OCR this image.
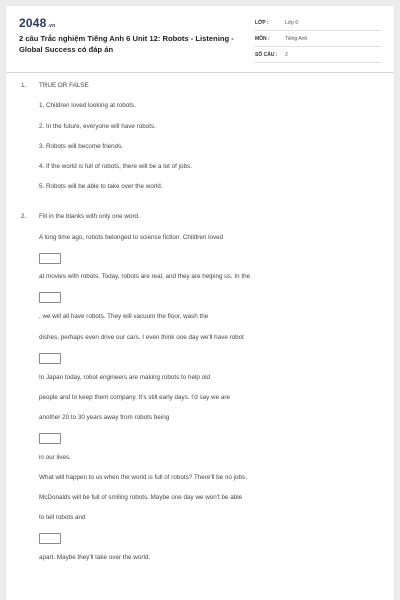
2048.vn
2 câu Trắc nghiệm Tiếng Anh 6 Unit 12: Robots - Listening - Global Success có đáp án
LỚP :	Lớp 6
MÔN :	Tiếng Anh
SỐ CÂU : 2
1. TRUE OR FALSE
1. Children loved looking at robots.
2. In the future, everyone will have robots.
3. Robots will become friends.
4. If the world is full of robots, there will be a lot of jobs.
5. Robots will be able to take over the world.
2. Fill in the blanks with only one word.
A long time ago, robots belonged to science fiction. Children loved
at movies with robots. Today, robots are real, and they are helping us. In the
, we will all have robots. They will vacuum the floor, wash the
dishes, perhaps even drive our cars. I even think one day we'll have robot
In Japan today, robot engineers are making robots to help old
people and to keep them company. It's still early days. I'd say we are
another 20 to 30 years away from robots being
in our lives.
What will happen to us when the world is full of robots? There'll be no jobs.
McDonalds will be full of smiling robots. Maybe one day we won't be able
to tell robots and
apart. Maybe they'll take over the world.
